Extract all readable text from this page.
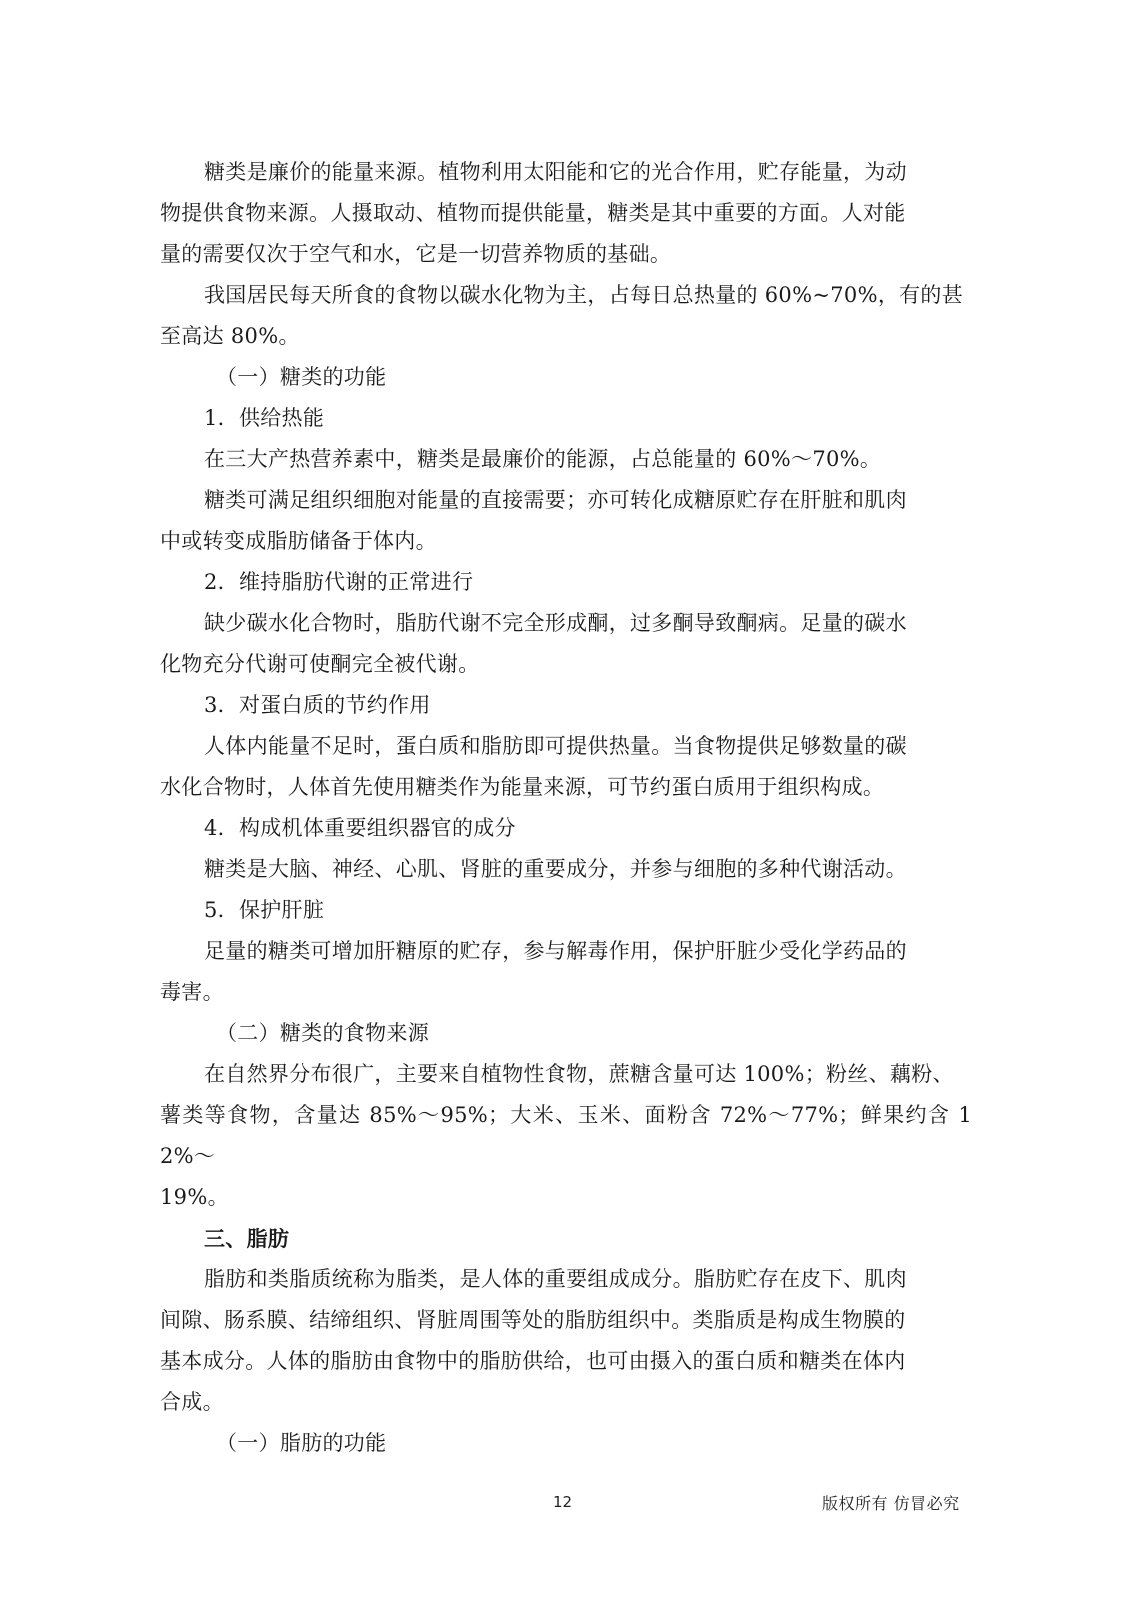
糖类是廉价的能量来源。植物利用太阳能和它的光合作用，贮存能量，为动
物提供食物来源。人摄取动、植物而提供能量，糖类是其中重要的方面。人对能
量的需要仅次于空气和水，它是一切营养物质的基础。

我国居民每天所食的食物以碳水化物为主，占每日总热量的 60%~70%，有的甚
至高达 80%。

（一）糖类的功能

1．供给热能

在三大产热营养素中，糖类是最廉价的能源，占总能量的 60%～70%。

糖类可满足组织细胞对能量的直接需要；亦可转化成糖原贮存在肝脏和肌肉
中或转变成脂肪储备于体内。

2．维持脂肪代谢的正常进行

缺少碳水化合物时，脂肪代谢不完全形成酮，过多酮导致酮病。足量的碳水
化物充分代谢可使酮完全被代谢。

3．对蛋白质的节约作用

人体内能量不足时，蛋白质和脂肪即可提供热量。当食物提供足够数量的碳
水化合物时，人体首先使用糖类作为能量来源，可节约蛋白质用于组织构成。

4．构成机体重要组织器官的成分

糖类是大脑、神经、心肌、肾脏的重要成分，并参与细胞的多种代谢活动。

5．保护肝脏

足量的糖类可增加肝糖原的贮存，参与解毒作用，保护肝脏少受化学药品的
毒害。

（二）糖类的食物来源

在自然界分布很广，主要来自植物性食物，蔗糖含量可达 100%；粉丝、藕粉、
薯类等食物，含量达 85%～95%；大米、玉米、面粉含 72%～77%；鲜果约含 12%～
19%。

三、脂肪

脂肪和类脂质统称为脂类，是人体的重要组成成分。脂肪贮存在皮下、肌肉
间隙、肠系膜、结缔组织、肾脏周围等处的脂肪组织中。类脂质是构成生物膜的
基本成分。人体的脂肪由食物中的脂肪供给，也可由摄入的蛋白质和糖类在体内
合成。

（一）脂肪的功能

12	版权所有 仿冒必究
